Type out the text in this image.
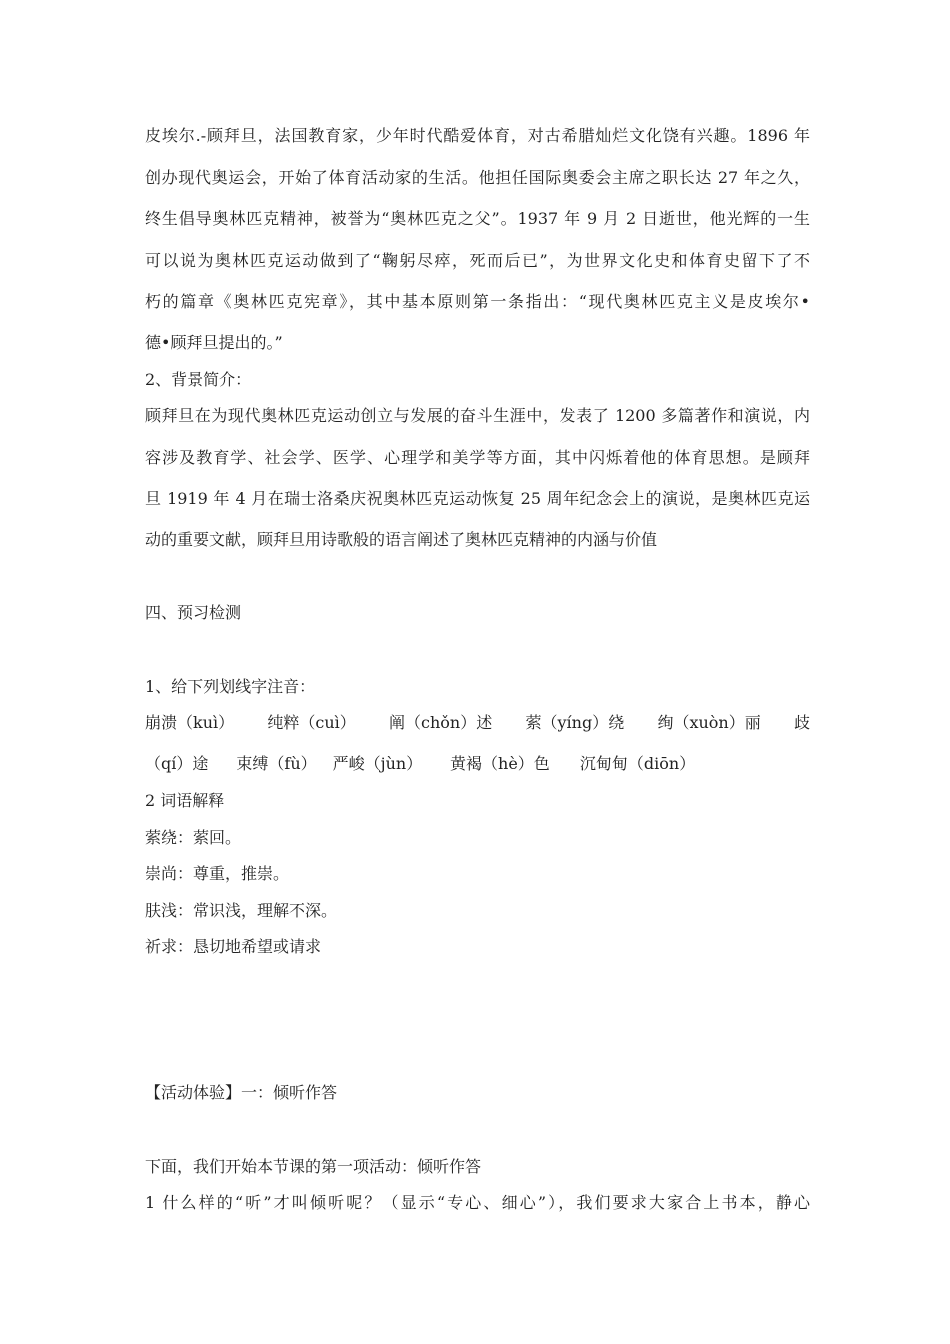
皮埃尔.-顾拜旦，法国教育家，少年时代酷爱体育，对古希腊灿烂文化饶有兴趣。1896 年
创办现代奥运会，开始了体育活动家的生活。他担任国际奥委会主席之职长达 27 年之久，
终生倡导奥林匹克精神，被誉为“奥林匹克之父”。1937 年 9 月 2 日逝世，他光辉的一生
可以说为奥林匹克运动做到了“鞠躬尽瘁，死而后已”，为世界文化史和体育史留下了不
朽的篇章《奥林匹克宪章》，其中基本原则第一条指出：“现代奥林匹克主义是皮埃尔•
德•顾拜旦提出的。”
2、背景简介：
顾拜旦在为现代奥林匹克运动创立与发展的奋斗生涯中，发表了 1200 多篇著作和演说，内
容涉及教育学、社会学、医学、心理学和美学等方面，其中闪烁着他的体育思想。是顾拜
旦 1919 年 4 月在瑞士洛桑庆祝奥林匹克运动恢复 25 周年纪念会上的演说，是奥林匹克运
动的重要文献，顾拜旦用诗歌般的语言阐述了奥林匹克精神的内涵与价值
四、预习检测
1、给下列划线字注音：
崩溃（kuì） 纯粹（cuì） 阐（chǒn）述 萦（yíng）绕 绚（xuòn）丽 歧
（qí）途	束缚（fù） 严峻（jùn）	黄褐（hè）色	沉甸甸（diōn）
2 词语解释
萦绕：萦回。
崇尚：尊重，推崇。
肤浅：常识浅，理解不深。
祈求：恳切地希望或请求
【活动体验】一：倾听作答
下面，我们开始本节课的第一项活动：倾听作答
1 什么样的“听”才叫倾听呢？（显示“专心、细心”），我们要求大家合上书本，静心
